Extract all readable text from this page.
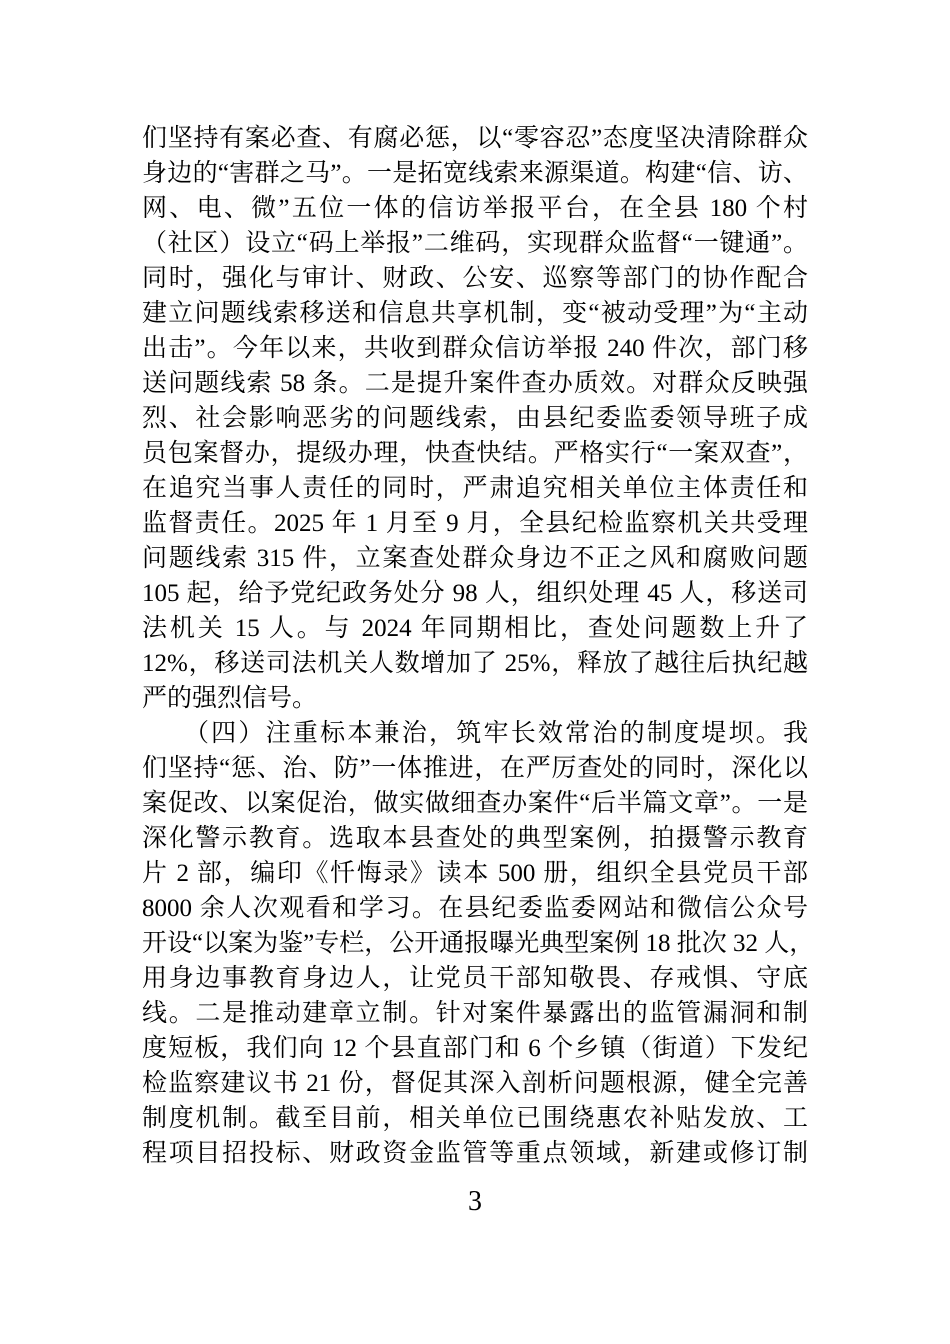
们坚持有案必查、有腐必惩，以“零容忍”态度坚决清除群众
身边的“害群之马”。一是拓宽线索来源渠道。构建“信、访、
网、电、微”五位一体的信访举报平台，在全县 180 个村
（社区）设立“码上举报”二维码，实现群众监督“一键通”。
同时，强化与审计、财政、公安、巡察等部门的协作配合
建立问题线索移送和信息共享机制，变“被动受理”为“主动
出击”。今年以来，共收到群众信访举报 240 件次，部门移
送问题线索 58 条。二是提升案件查办质效。对群众反映强
烈、社会影响恶劣的问题线索，由县纪委监委领导班子成
员包案督办，提级办理，快查快结。严格实行“一案双查”，
在追究当事人责任的同时，严肃追究相关单位主体责任和
监督责任。2025 年 1 月至 9 月，全县纪检监察机关共受理
问题线索 315 件，立案查处群众身边不正之风和腐败问题
105 起，给予党纪政务处分 98 人，组织处理 45 人，移送司
法机关 15 人。与 2024 年同期相比，查处问题数上升了
12%，移送司法机关人数增加了 25%，释放了越往后执纪越
严的强烈信号。
　　（四）注重标本兼治，筑牢长效常治的制度堤坝。我
们坚持“惩、治、防”一体推进，在严厉查处的同时，深化以
案促改、以案促治，做实做细查办案件“后半篇文章”。一是
深化警示教育。选取本县查处的典型案例，拍摄警示教育
片 2 部，编印《忏悔录》读本 500 册，组织全县党员干部
8000 余人次观看和学习。在县纪委监委网站和微信公众号
开设“以案为鉴”专栏，公开通报曝光典型案例 18 批次 32 人，
用身边事教育身边人，让党员干部知敬畏、存戒惧、守底
线。二是推动建章立制。针对案件暴露出的监管漏洞和制
度短板，我们向 12 个县直部门和 6 个乡镇（街道）下发纪
检监察建议书 21 份，督促其深入剖析问题根源，健全完善
制度机制。截至目前，相关单位已围绕惠农补贴发放、工
程项目招投标、财政资金监管等重点领域，新建或修订制
3
